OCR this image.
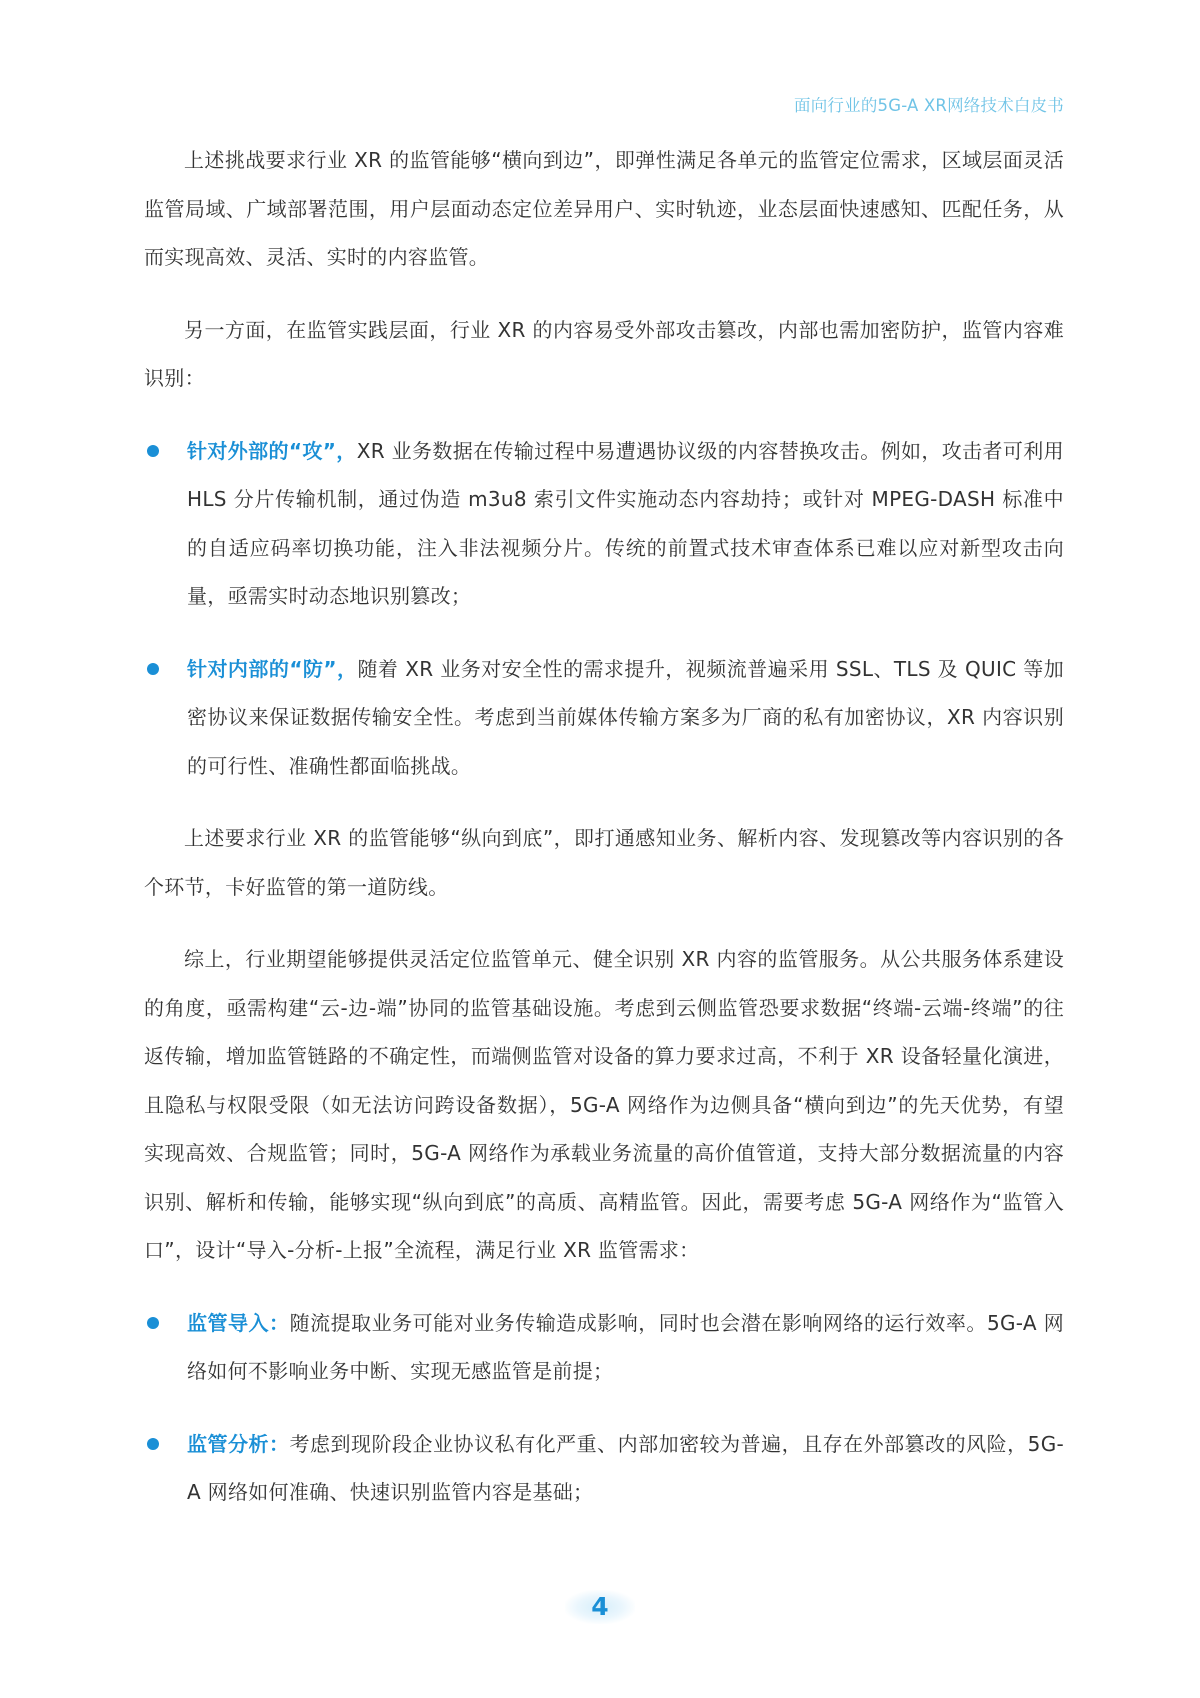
面向行业的5G-A XR网络技术白皮书

上述挑战要求行业 XR 的监管能够“横向到边”，即弹性满足各单元的监管定位需求，区域层面灵活监管局域、广域部署范围，用户层面动态定位差异用户、实时轨迹，业态层面快速感知、匹配任务，从而实现高效、灵活、实时的内容监管。

另一方面，在监管实践层面，行业 XR 的内容易受外部攻击篡改，内部也需加密防护，监管内容难识别：

针对外部的“攻”，XR 业务数据在传输过程中易遭遇协议级的内容替换攻击。例如，攻击者可利用 HLS 分片传输机制，通过伪造 m3u8 索引文件实施动态内容劫持；或针对 MPEG-DASH 标准中的自适应码率切换功能，注入非法视频分片。传统的前置式技术审查体系已难以应对新型攻击向量，亟需实时动态地识别篡改；
针对内部的“防”，随着 XR 业务对安全性的需求提升，视频流普遍采用 SSL、TLS 及 QUIC 等加密协议来保证数据传输安全性。考虑到当前媒体传输方案多为厂商的私有加密协议，XR 内容识别的可行性、准确性都面临挑战。

上述要求行业 XR 的监管能够“纵向到底”，即打通感知业务、解析内容、发现篡改等内容识别的各个环节，卡好监管的第一道防线。

综上，行业期望能够提供灵活定位监管单元、健全识别 XR 内容的监管服务。从公共服务体系建设的角度，亟需构建“云-边-端”协同的监管基础设施。考虑到云侧监管恐要求数据“终端-云端-终端”的往返传输，增加监管链路的不确定性，而端侧监管对设备的算力要求过高，不利于 XR 设备轻量化演进，且隐私与权限受限（如无法访问跨设备数据），5G-A 网络作为边侧具备“横向到边”的先天优势，有望实现高效、合规监管；同时，5G-A 网络作为承载业务流量的高价值管道，支持大部分数据流量的内容识别、解析和传输，能够实现“纵向到底”的高质、高精监管。因此，需要考虑 5G-A 网络作为“监管入口”，设计“导入-分析-上报”全流程，满足行业 XR 监管需求：

监管导入：随流提取业务可能对业务传输造成影响，同时也会潜在影响网络的运行效率。5G-A 网络如何不影响业务中断、实现无感监管是前提；
监管分析：考虑到现阶段企业协议私有化严重、内部加密较为普遍，且存在外部篡改的风险，5G-A 网络如何准确、快速识别监管内容是基础；
4
